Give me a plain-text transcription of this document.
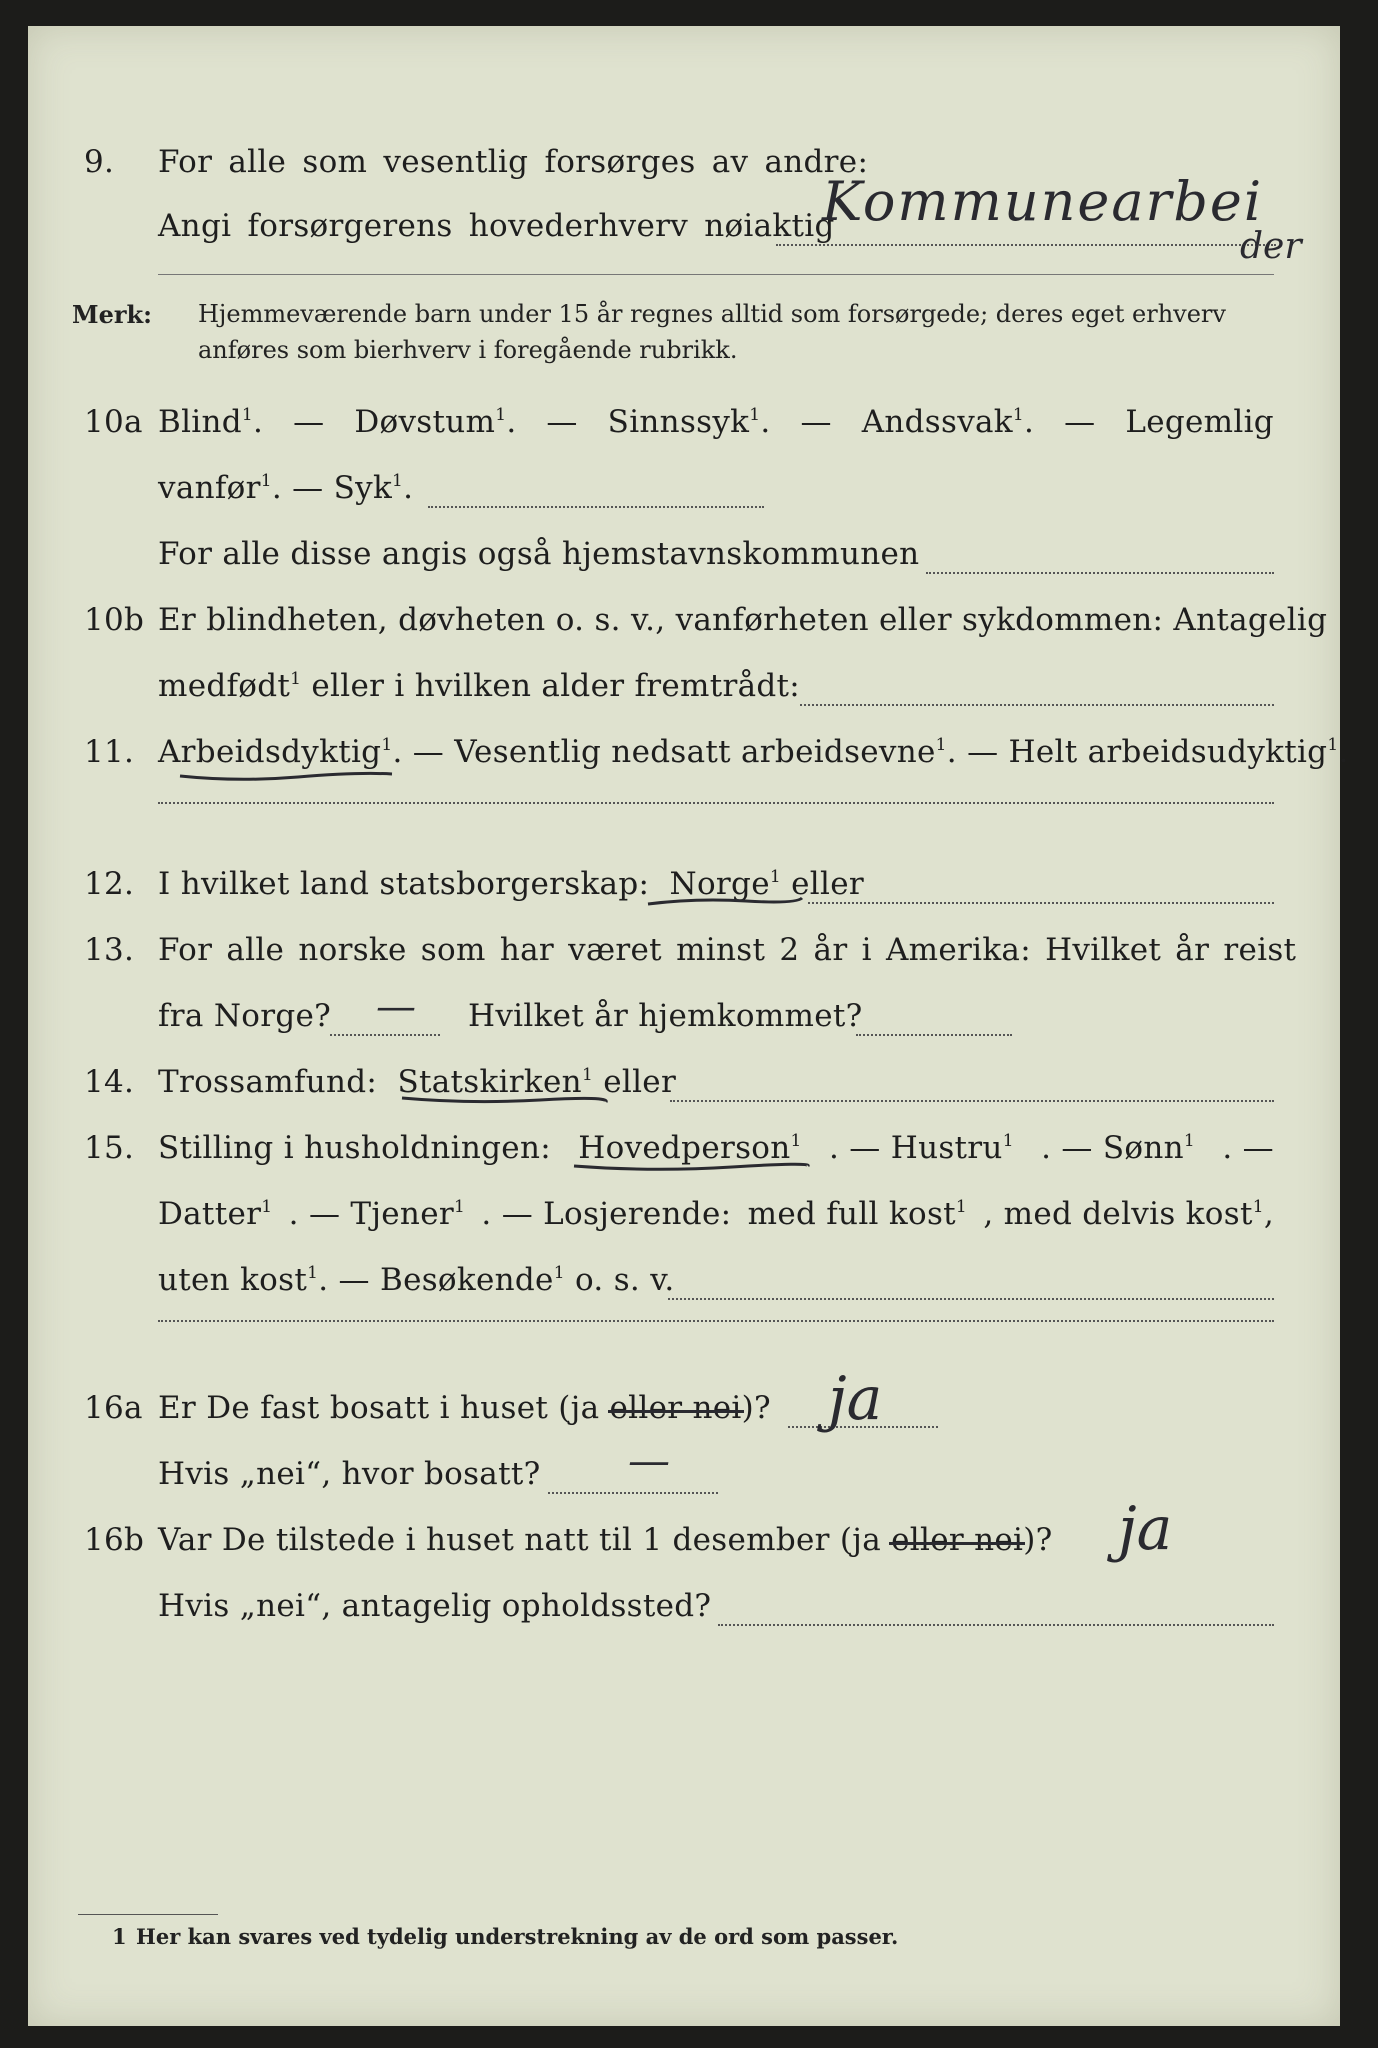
9. For alle som vesentlig forsørges av andre:
Angi forsørgerens hovederhverv nøiaktig
Kommunearbei
der
Merk: Hjemmeværende barn under 15 år regnes alltid som forsørgede; deres eget erhverv
anføres som bierhverv i foregående rubrikk.
10a Blind$^1$. — Døvstum$^1$. — Sinnssyk$^1$. — Andssvak$^1$. — Legemlig
vanfør$^1$. — Syk$^1$.
For alle disse angis også hjemstavnskommunen
10b Er blindheten, døvheten o. s. v., vanførheten eller sykdommen: Antagelig
medfødt$^1$ eller i hvilken alder fremtrådt:
11. Arbeidsdyktig$^1$. — Vesentlig nedsatt arbeidsevne$^1$. — Helt arbeidsudyktig$^1$.
12. I hvilket land statsborgerskap: Norge$^1$ eller
13. For alle norske som har været minst 2 år i Amerika: Hvilket år reist
fra Norge? — Hvilket år hjemkommet?
14. Trossamfund: Statskirken$^1$ eller
15. Stilling i husholdningen: Hovedperson$^1$ . — Hustru$^1$ . — Sønn$^1$ . —
Datter$^1$ . — Tjener$^1$ . — Losjerende: med full kost$^1$ , med delvis kost$^1$,
uten kost$^1$. — Besøkende$^1$ o. s. v.
16a Er De fast bosatt i huset (ja eller nei)? ja
Hvis „nei“, hvor bosatt? —
16b Var De tilstede i huset natt til 1 desember (ja eller nei)? ja
Hvis „nei“, antagelig opholdssted?
1 Her kan svares ved tydelig understrekning av de ord som passer.
